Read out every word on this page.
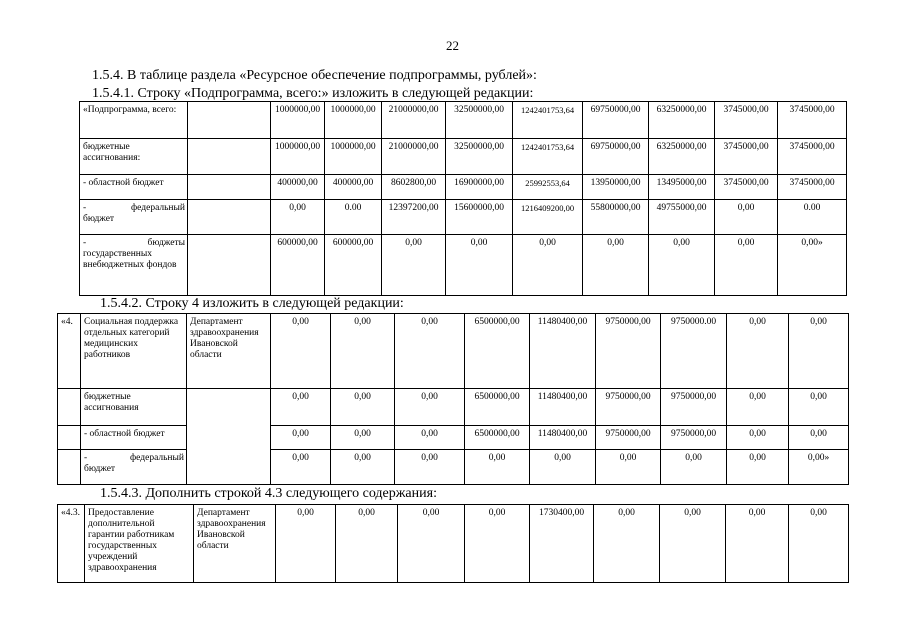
22
1.5.4. В таблице раздела «Ресурсное обеспечение подпрограммы, рублей»:
1.5.4.1. Строку «Подпрограмма, всего:» изложить в следующей редакции:
«Подпрограмма, всего:		1000000,00	1000000,00	21000000,00	32500000,00	1242401753,64	69750000,00	63250000,00	3745000,00	3745000,00
бюджетные ассигнования:		1000000,00	1000000,00	21000000,00	32500000,00	1242401753,64	69750000,00	63250000,00	3745000,00	3745000,00
- областной бюджет		400000,00	400000,00	8602800,00	16900000,00	25992553,64	13950000,00	13495000,00	3745000,00	3745000,00

- федеральный
бюджет		0,00	0.00	12397200,00	15600000,00	1216409200,00	55800000,00	49755000,00	0,00	0.00

- бюджеты
государственных внебюджетных фондов		600000,00	600000,00	0,00	0,00	0,00	0,00	0,00	0,00	0,00»
1.5.4.2. Строку 4 изложить в следующей редакции:
«4.	Социальная поддержка отдельных категорий медицинских работников	Департамент здравоохранения Ивановской области	0,00	0,00	0,00	6500000,00	11480400,00	9750000,00	9750000.00	0,00	0,00
	бюджетные ассигнования		0,00	0,00	0,00	6500000,00	11480400,00	9750000,00	9750000,00	0,00	0,00
	- областной бюджет		0,00	0,00	0,00	6500000,00	11480400,00	9750000,00	9750000,00	0,00	0,00

	- федеральный
бюджет		0,00	0,00	0,00	0,00	0,00	0,00	0,00	0,00	0,00»
1.5.4.3. Дополнить строкой 4.3 следующего содержания:
«4.3.	Предоставление дополнительной гарантии работникам государственных учреждений здравоохранения	Департамент здравоохранения Ивановской области	0,00	0,00	0,00	0,00	1730400,00	0,00	0,00	0,00	0,00
